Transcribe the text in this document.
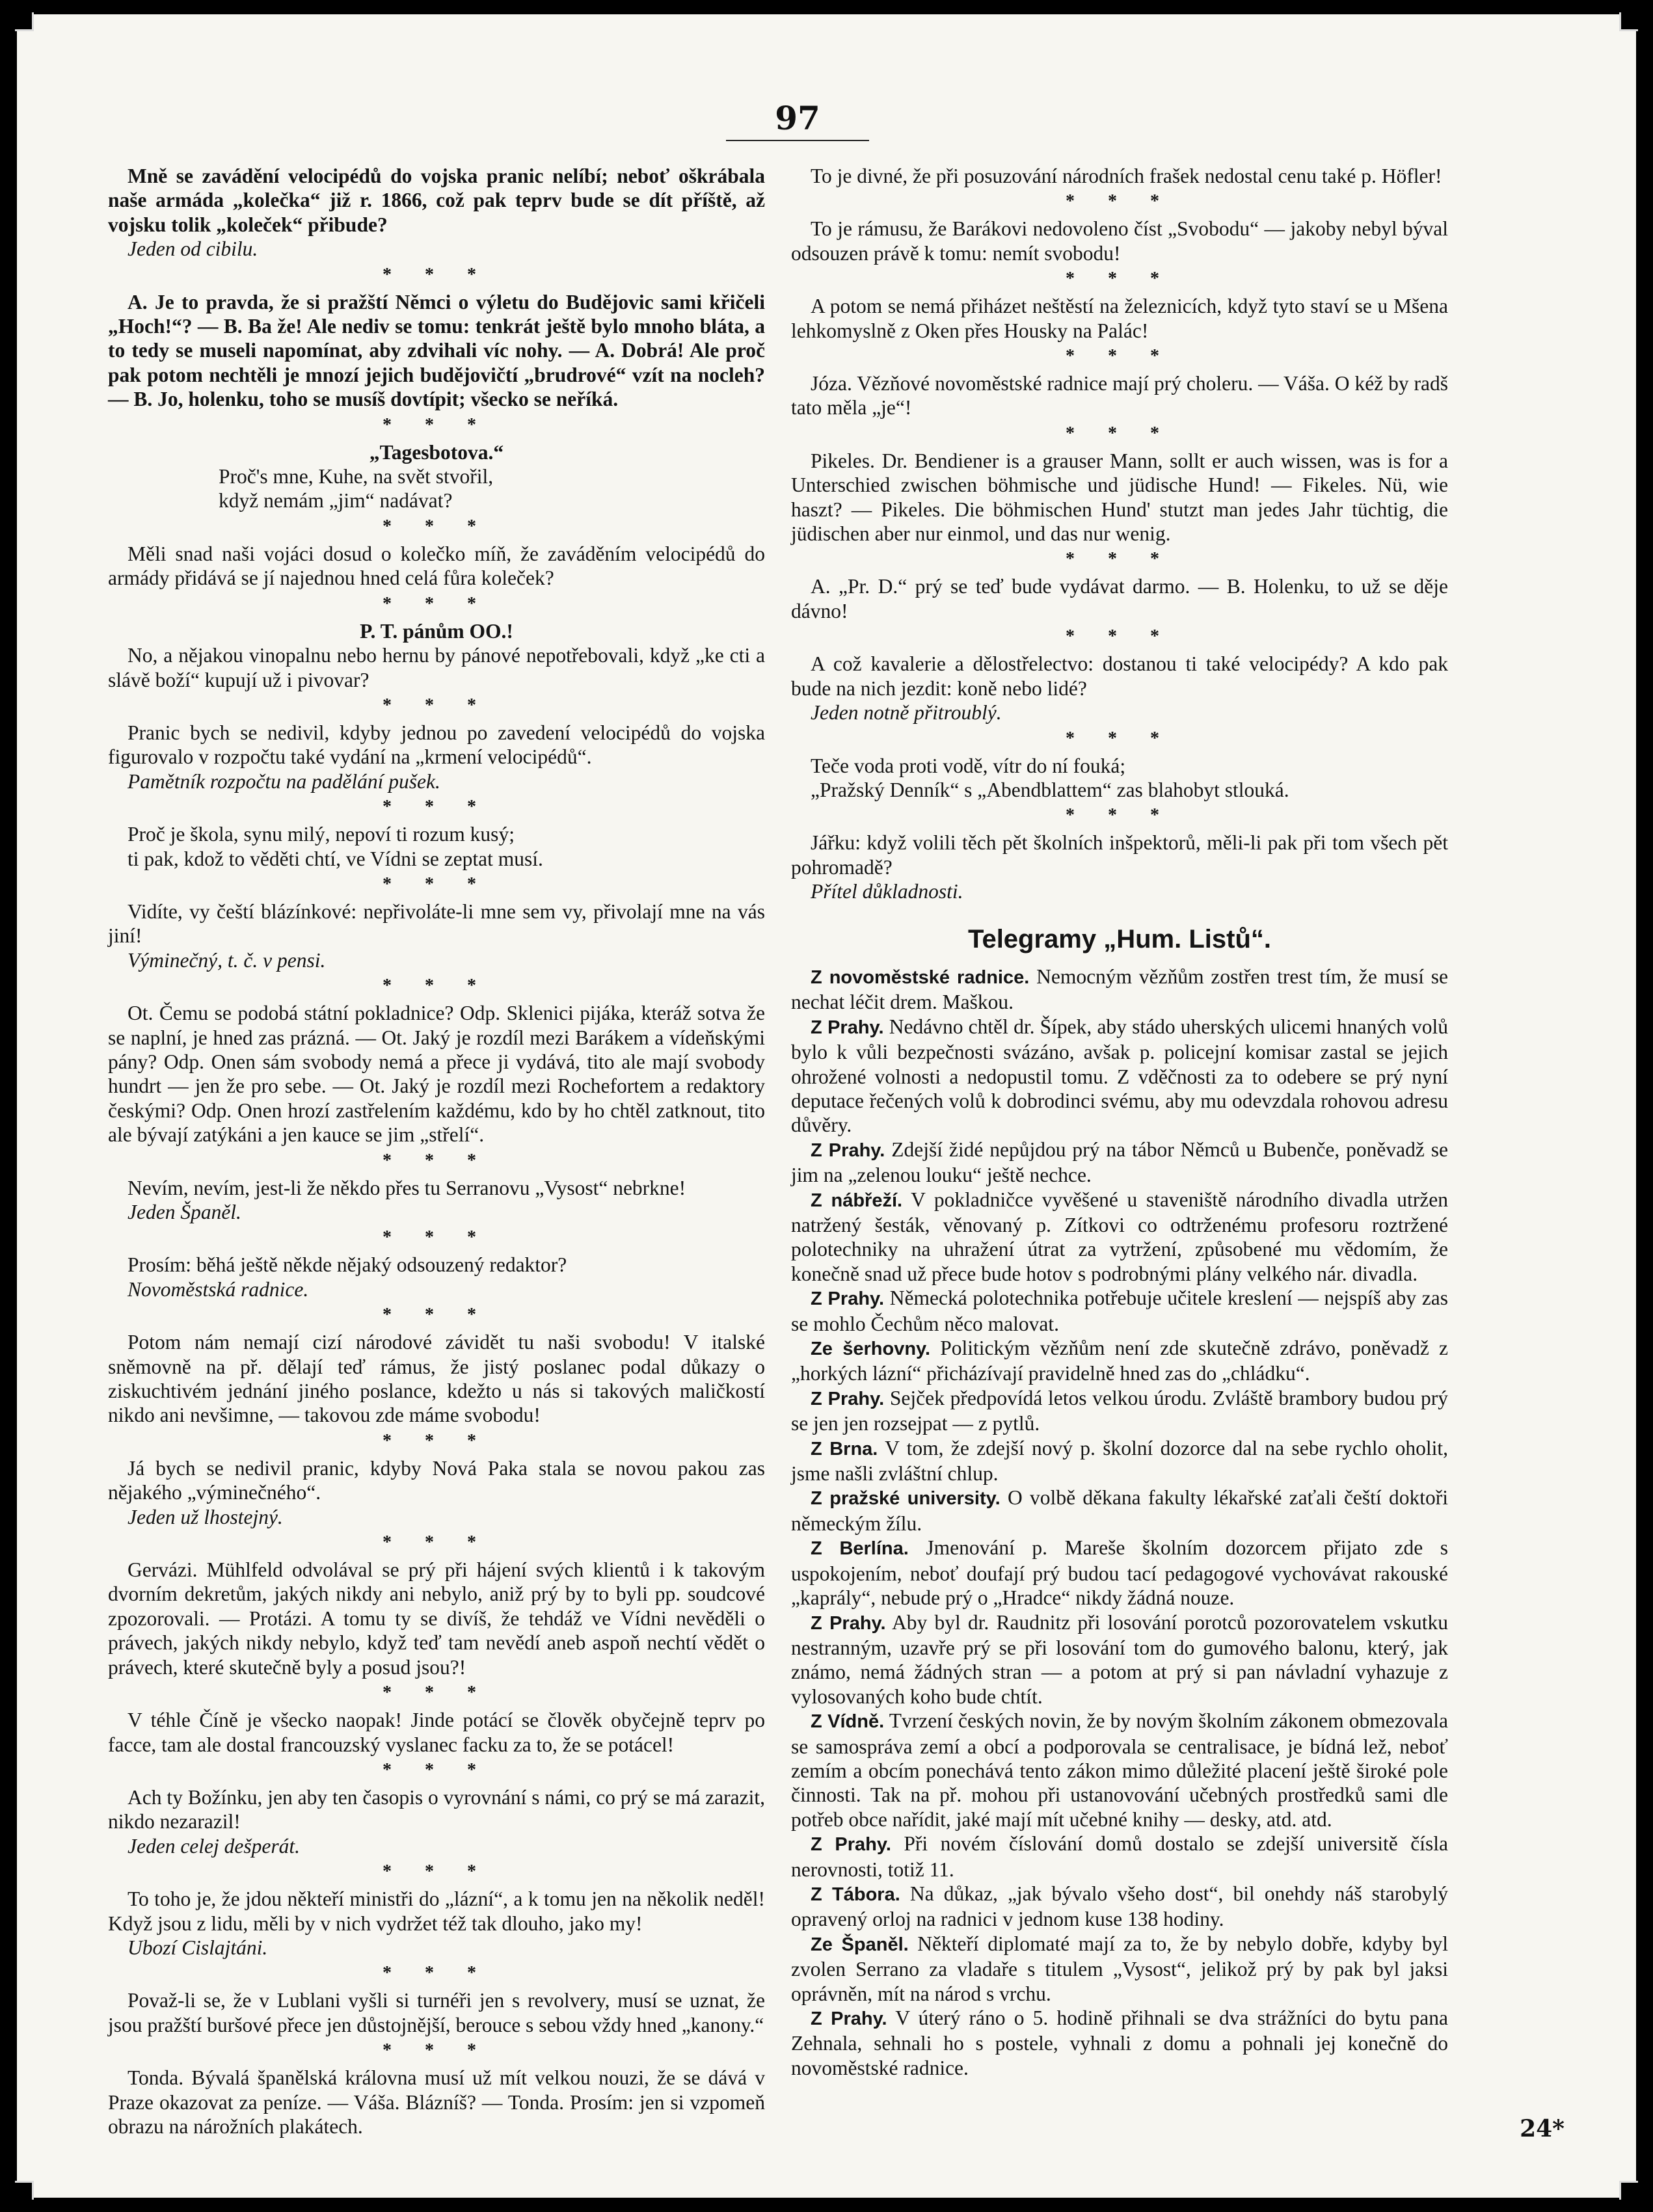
97

Mně se zavádění velocipédů do vojska pranic nelíbí; neboť oškrábala naše armáda „kolečka“ již r. 1866, což pak teprv bude se dít příště, až vojsku tolik „koleček“ přibude?

Jeden od cibilu.

* * *

A. Je to pravda, že si pražští Němci o výletu do Budějovic sami křičeli „Hoch!“? — B. Ba že! Ale nediv se tomu: tenkrát ještě bylo mnoho bláta, a to tedy se museli napomínat, aby zdvihali víc nohy. — A. Dobrá! Ale proč pak potom nechtěli je mnozí jejich budějovičtí „brudrové“ vzít na nocleh? — B. Jo, holenku, toho se musíš dovtípit; všecko se neříká.

* * *

„Tagesbotova.“

Proč's mne, Kuhe, na svět stvořil,

když nemám „jim“ nadávat?

* * *

Měli snad naši vojáci dosud o kolečko míň, že zaváděním velocipédů do armády přidává se jí najednou hned celá fůra koleček?

* * *

P. T. pánům OO.!

No, a nějakou vinopalnu nebo hernu by pánové nepotřebovali, když „ke cti a slávě boží“ kupují už i pivovar?

* * *

Pranic bych se nedivil, kdyby jednou po zavedení velocipédů do vojska figurovalo v rozpočtu také vydání na „krmení velocipédů“.

Pamětník rozpočtu na padělání pušek.

* * *

Proč je škola, synu milý, nepoví ti rozum kusý;

ti pak, kdož to věděti chtí, ve Vídni se zeptat musí.

* * *

Vidíte, vy čeští blázínkové: nepřivoláte-li mne sem vy, přivolají mne na vás jiní!

Výminečný, t. č. v pensi.

* * *

Ot. Čemu se podobá státní pokladnice? Odp. Sklenici pijáka, kteráž sotva že se naplní, je hned zas prázná. — Ot. Jaký je rozdíl mezi Barákem a vídeňskými pány? Odp. Onen sám svobody nemá a přece ji vydává, tito ale mají svobody hundrt — jen že pro sebe. — Ot. Jaký je rozdíl mezi Rochefortem a redaktory českými? Odp. Onen hrozí zastřelením každému, kdo by ho chtěl zatknout, tito ale bývají zatýkáni a jen kauce se jim „střelí“.

* * *

Nevím, nevím, jest-li že někdo přes tu Serranovu „Vysost“ nebrkne!

Jeden Španěl.

* * *

Prosím: běhá ještě někde nějaký odsouzený redaktor?

Novoměstská radnice.

* * *

Potom nám nemají cizí národové závidět tu naši svobodu! V italské sněmovně na př. dělají teď rámus, že jistý poslanec podal důkazy o ziskuchtivém jednání jiného poslance, kdežto u nás si takových maličkostí nikdo ani nevšimne, — takovou zde máme svobodu!

* * *

Já bych se nedivil pranic, kdyby Nová Paka stala se novou pakou zas nějakého „výminečného“.

Jeden už lhostejný.

* * *

Gervázi. Mühlfeld odvolával se prý při hájení svých klientů i k takovým dvorním dekretům, jakých nikdy ani nebylo, aniž prý by to byli pp. soudcové zpozorovali. — Protázi. A tomu ty se divíš, že tehdáž ve Vídni nevěděli o právech, jakých nikdy nebylo, když teď tam nevědí aneb aspoň nechtí vědět o právech, které skutečně byly a posud jsou?!

* * *

V téhle Číně je všecko naopak! Jinde potácí se člověk obyčejně teprv po facce, tam ale dostal francouzský vyslanec facku za to, že se potácel!

* * *

Ach ty Božínku, jen aby ten časopis o vyrovnání s námi, co prý se má zarazit, nikdo nezarazil!

Jeden celej dešperát.

* * *

To toho je, že jdou někteří ministři do „lázní“, a k tomu jen na několik neděl! Když jsou z lidu, měli by v nich vydržet též tak dlouho, jako my!

Ubozí Cislajtáni.

* * *

Považ-li se, že v Lublani vyšli si turnéři jen s revolvery, musí se uznat, že jsou pražští buršové přece jen důstojnější, berouce s sebou vždy hned „kanony.“

* * *

Tonda. Bývalá španělská královna musí už mít velkou nouzi, že se dává v Praze okazovat za peníze. — Váša. Blázníš? — Tonda. Prosím: jen si vzpomeň obrazu na nárožních plakátech.

To je divné, že při posuzování národních frašek nedostal cenu také p. Höfler!

* * *

To je rámusu, že Barákovi nedovoleno číst „Svobodu“ — jakoby nebyl býval odsouzen právě k tomu: nemít svobodu!

* * *

A potom se nemá přiházet neštěstí na železnicích, když tyto staví se u Mšena lehkomyslně z Oken přes Housky na Palác!

* * *

Józa. Vězňové novoměstské radnice mají prý choleru. — Váša. O kéž by radš tato měla „je“!

* * *

Pikeles. Dr. Bendiener is a grauser Mann, sollt er auch wissen, was is for a Unterschied zwischen böhmische und jüdische Hund! — Fikeles. Nü, wie haszt? — Pikeles. Die böhmischen Hund' stutzt man jedes Jahr tüchtig, die jüdischen aber nur einmol, und das nur wenig.

* * *

A. „Pr. D.“ prý se teď bude vydávat darmo. — B. Holenku, to už se děje dávno!

* * *

A což kavalerie a dělostřelectvo: dostanou ti také velocipédy? A kdo pak bude na nich jezdit: koně nebo lidé?

Jeden notně přitroublý.

* * *

Teče voda proti vodě, vítr do ní fouká;

„Pražský Denník“ s „Abendblattem“ zas blahobyt stlouká.

* * *

Jářku: když volili těch pět školních inšpektorů, měli-li pak při tom všech pět pohromadě?

Přítel důkladnosti.

Telegramy „Hum. Listů“.

Z novoměstské radnice. Nemocným vězňům zostřen trest tím, že musí se nechat léčit drem. Maškou.

Z Prahy. Nedávno chtěl dr. Šípek, aby stádo uherských ulicemi hnaných volů bylo k vůli bezpečnosti svázáno, avšak p. policejní komisar zastal se jejich ohrožené volnosti a nedopustil tomu. Z vděčnosti za to odebere se prý nyní deputace řečených volů k dobrodinci svému, aby mu odevzdala rohovou adresu důvěry.

Z Prahy. Zdejší židé nepůjdou prý na tábor Němců u Bubenče, poněvadž se jim na „zelenou louku“ ještě nechce.

Z nábřeží. V pokladničce vyvěšené u staveniště národního divadla utržen natržený šesták, věnovaný p. Zítkovi co odtrženému profesoru roztržené polotechniky na uhražení útrat za vytržení, způsobené mu vědomím, že konečně snad už přece bude hotov s podrobnými plány velkého nár. divadla.

Z Prahy. Německá polotechnika potřebuje učitele kreslení — nejspíš aby zas se mohlo Čechům něco malovat.

Ze šerhovny. Politickým vězňům není zde skutečně zdrávo, poněvadž z „horkých lázní“ přicházívají pravidelně hned zas do „chládku“.

Z Prahy. Sejček předpovídá letos velkou úrodu. Zvláště brambory budou prý se jen jen rozsejpat — z pytlů.

Z Brna. V tom, že zdejší nový p. školní dozorce dal na sebe rychlo oholit, jsme našli zvláštní chlup.

Z pražské university. O volbě děkana fakulty lékařské zaťali čeští doktoři německým žílu.

Z Berlína. Jmenování p. Mareše školním dozorcem přijato zde s uspokojením, neboť doufají prý budou tací pedagogové vychovávat rakouské „kaprály“, nebude prý o „Hradce“ nikdy žádná nouze.

Z Prahy. Aby byl dr. Raudnitz při losování porotců pozorovatelem vskutku nestranným, uzavře prý se při losování tom do gumového balonu, který, jak známo, nemá žádných stran — a potom at prý si pan návladní vyhazuje z vylosovaných koho bude chtít.

Z Vídně. Tvrzení českých novin, že by novým školním zákonem obmezovala se samospráva zemí a obcí a podporovala se centralisace, je bídná lež, neboť zemím a obcím ponechává tento zákon mimo důležité placení ještě široké pole činnosti. Tak na př. mohou při ustanovování učebných prostředků sami dle potřeb obce nařídit, jaké mají mít učebné knihy — desky, atd. atd.

Z Prahy. Při novém číslování domů dostalo se zdejší universitě čísla nerovnosti, totiž 11.

Z Tábora. Na důkaz, „jak bývalo všeho dost“, bil onehdy náš starobylý opravený orloj na radnici v jednom kuse 138 hodiny.

Ze Španěl. Někteří diplomaté mají za to, že by nebylo dobře, kdyby byl zvolen Serrano za vladaře s titulem „Vysost“, jelikož prý by pak byl jaksi oprávněn, mít na národ s vrchu.

Z Prahy. V úterý ráno o 5. hodině přihnali se dva strážníci do bytu pana Zehnala, sehnali ho s postele, vyhnali z domu a pohnali jej konečně do novoměstské radnice.

24*
